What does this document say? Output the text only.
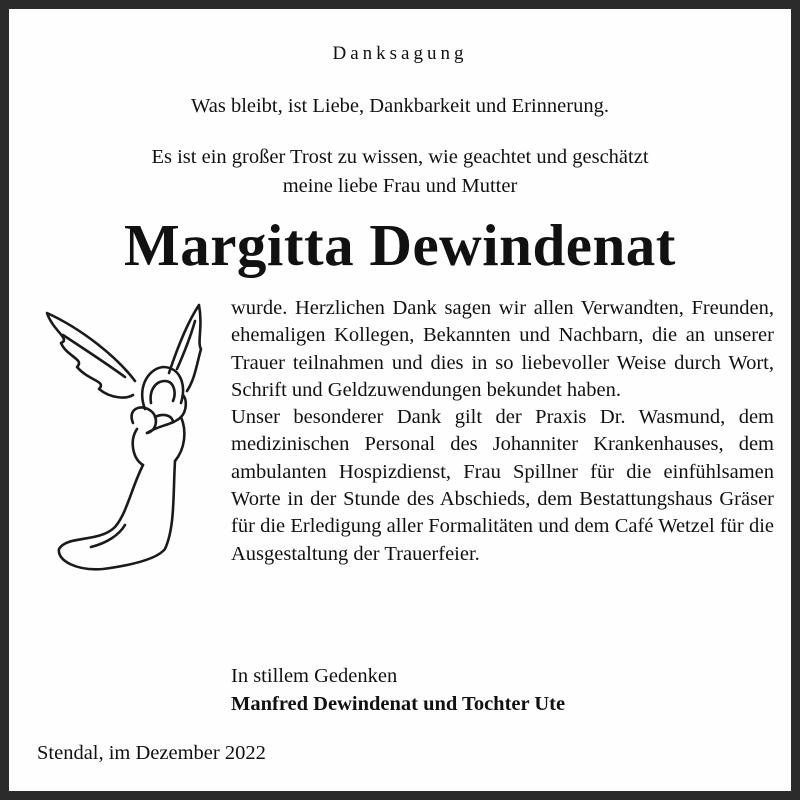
Danksagung
Was bleibt, ist Liebe, Dankbarkeit und Erinnerung.
Es ist ein großer Trost zu wissen, wie geachtet und geschätzt
meine liebe Frau und Mutter
Margitta Dewindenat

wurde. Herzlichen Dank sagen wir allen Verwandten, Freunden, ehemaligen Kollegen, Bekannten und Nachbarn, die an unserer Trauer teilnahmen und dies in so liebevoller Weise durch Wort, Schrift und Geldzuwendungen bekundet haben.

Unser besonderer Dank gilt der Praxis Dr. Wasmund, dem medizinischen Personal des Johanniter Krankenhauses, dem ambulanten Hospizdienst, Frau Spillner für die einfühlsamen Worte in der Stunde des Abschieds, dem Bestattungshaus Gräser für die Erledigung aller Formalitäten und dem Café Wetzel für die Ausgestaltung der Trauerfeier.

In stillem Gedenken
Manfred Dewindenat und Tochter Ute
Stendal, im Dezember 2022
